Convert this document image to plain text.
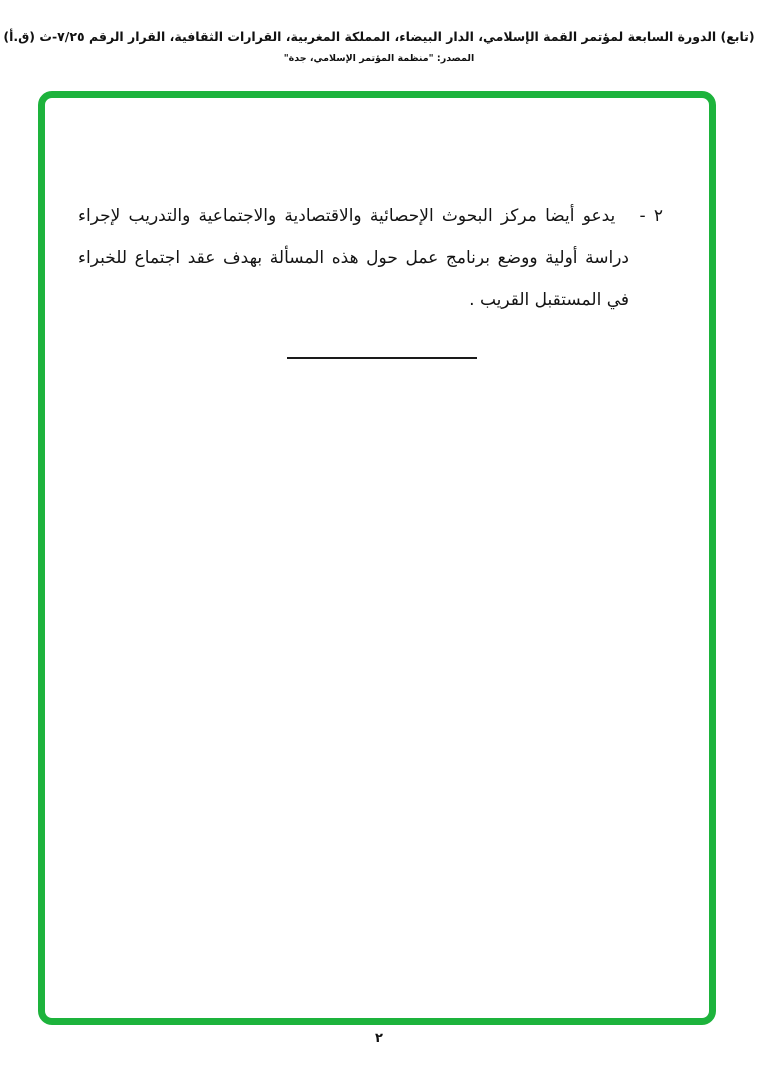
(تابع) الدورة السابعة لمؤتمر القمة الإسلامي، الدار البيضاء، المملكة المغربية، القرارات الثقافية، القرار الرقم ٧/٢٥-ث (ق.أ)
المصدر: "منظمة المؤتمر الإسلامي، جدة"

٢ - يدعو أيضا مركز البحوث الإحصائية والاقتصادية والاجتماعية والتدريب لإجراء دراسة أولية ووضع برنامج عمل حول هذه المسألة بهدف عقد اجتماع للخبراء في المستقبل القريب .

٢
